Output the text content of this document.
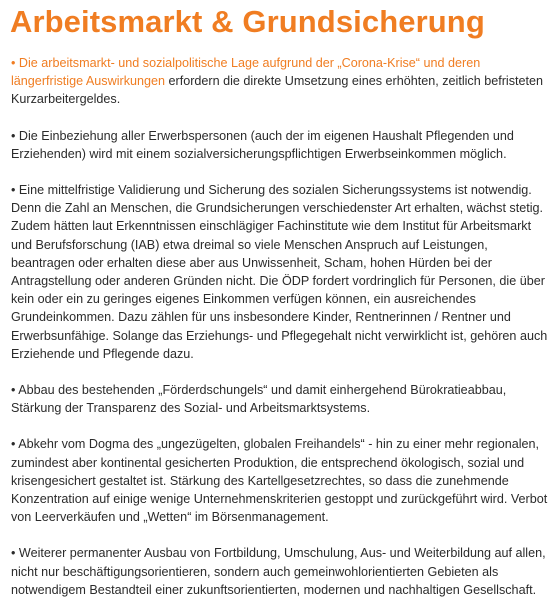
Arbeitsmarkt & Grundsicherung

• Die arbeitsmarkt- und sozialpolitische Lage aufgrund der „Corona-Krise“ und deren längerfristige Auswirkungen erfordern die direkte Umsetzung eines erhöhten, zeitlich befristeten Kurzarbeitergeldes.

• Die Einbeziehung aller Erwerbspersonen (auch der im eigenen Haushalt Pflegenden und Erziehenden) wird mit einem sozialversicherungspflichtigen Erwerbseinkommen möglich.

• Eine mittelfristige Validierung und Sicherung des sozialen Sicherungssystems ist notwendig. Denn die Zahl an Menschen, die Grundsicherungen verschiedenster Art erhalten, wächst stetig. Zudem hätten laut Erkenntnissen einschlägiger Fachinstitute wie dem Institut für Arbeitsmarkt und Berufsforschung (IAB) etwa dreimal so viele Menschen Anspruch auf Leistungen, beantragen oder erhalten diese aber aus Unwissenheit, Scham, hohen Hürden bei der Antragstellung oder anderen Gründen nicht. Die ÖDP fordert vordringlich für Personen, die über kein oder ein zu geringes eigenes Einkommen verfügen können, ein ausreichendes Grundeinkommen. Dazu zählen für uns insbesondere Kinder, Rentnerinnen / Rentner und Erwerbsunfähige. Solange das Erziehungs- und Pflegegehalt nicht verwirklicht ist, gehören auch Erziehende und Pflegende dazu.

• Abbau des bestehenden „Förderdschungels“ und damit einhergehend Bürokratieabbau, Stärkung der Transparenz des Sozial- und Arbeitsmarktsystems.

• Abkehr vom Dogma des „ungezügelten, globalen Freihandels“ - hin zu einer mehr regionalen, zumindest aber kontinental gesicherten Produktion, die entsprechend ökologisch, sozial und krisengesichert gestaltet ist. Stärkung des Kartellgesetzrechtes, so dass die zunehmende Konzentration auf einige wenige Unternehmenskriterien gestoppt und zurückgeführt wird. Verbot von Leerverkäufen und „Wetten“ im Börsenmanagement.

• Weiterer permanenter Ausbau von Fortbildung, Umschulung, Aus- und Weiterbildung auf allen, nicht nur beschäftigungsorientieren, sondern auch gemeinwohlorientierten Gebieten als notwendigem Bestandteil einer zukunftsorientierten, modernen und nachhaltigen Gesellschaft.
